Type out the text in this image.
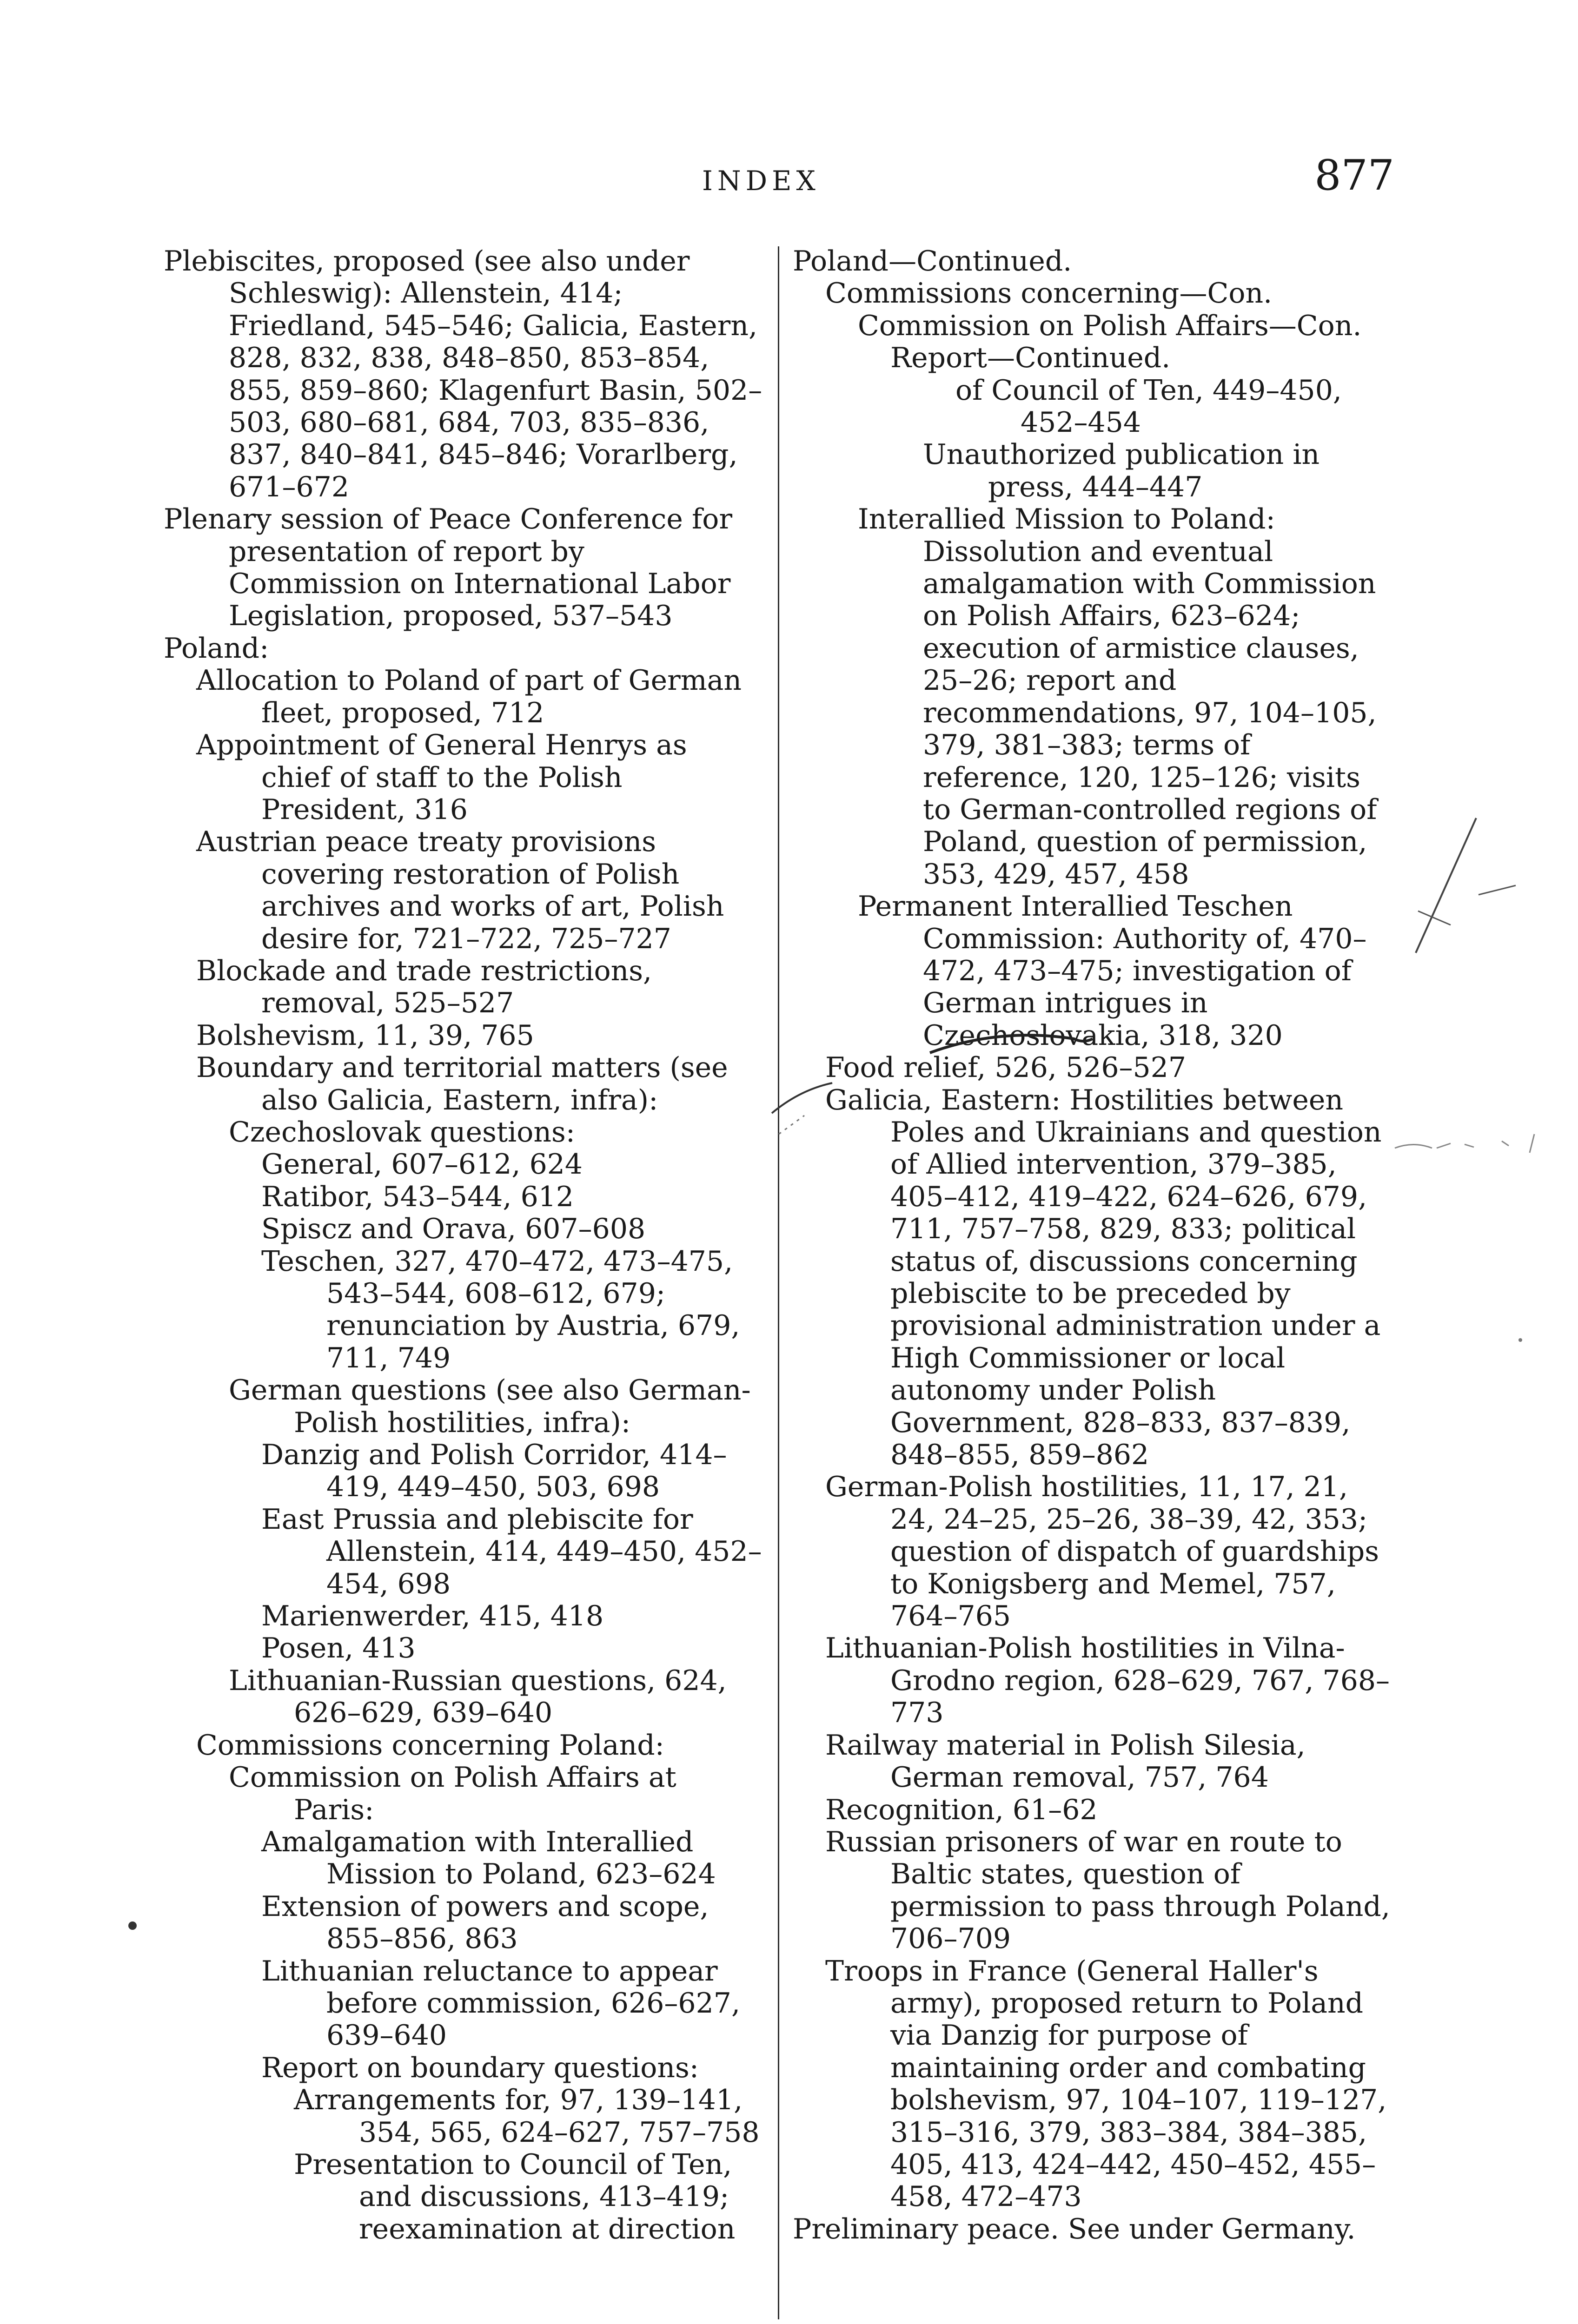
INDEX	877

Plebiscites, proposed (see also under Schleswig): Allenstein, 414; Friedland, 545–546; Galicia, Eastern, 828, 832, 838, 848–850, 853–854, 855, 859–860; Klagenfurt Basin, 502–503, 680–681, 684, 703, 835–836, 837, 840–841, 845–846; Vorarlberg, 671–672

Plenary session of Peace Conference for presentation of report by Commission on International Labor Legislation, proposed, 537–543

Poland:

Allocation to Poland of part of German fleet, proposed, 712

Appointment of General Henrys as chief of staff to the Polish President, 316

Austrian peace treaty provisions covering restoration of Polish archives and works of art, Polish desire for, 721–722, 725–727

Blockade and trade restrictions, removal, 525–527

Bolshevism, 11, 39, 765

Boundary and territorial matters (see also Galicia, Eastern, infra):

Czechoslovak questions:

General, 607–612, 624

Ratibor, 543–544, 612

Spiscz and Orava, 607–608

Teschen, 327, 470–472, 473–475, 543–544, 608–612, 679; renunciation by Austria, 679, 711, 749

German questions (see also German-Polish hostilities, infra):

Danzig and Polish Corridor, 414–419, 449–450, 503, 698

East Prussia and plebiscite for Allenstein, 414, 449–450, 452–454, 698

Marienwerder, 415, 418

Posen, 413

Lithuanian-Russian questions, 624, 626–629, 639–640

Commissions concerning Poland:

Commission on Polish Affairs at Paris:

Amalgamation with Interallied Mission to Poland, 623–624

Extension of powers and scope, 855–856, 863

Lithuanian reluctance to appear before commission, 626–627, 639–640

Report on boundary questions:

Arrangements for, 97, 139–141, 354, 565, 624–627, 757–758

Presentation to Council of Ten, and discussions, 413–419; reexamination at direction

Poland—Continued.

Commissions concerning—Con.

Commission on Polish Affairs—Con.

Report—Continued.

of Council of Ten, 449–450, 452–454

Unauthorized publication in press, 444–447

Interallied Mission to Poland: Dissolution and eventual amalgamation with Commission on Polish Affairs, 623–624; execution of armistice clauses, 25–26; report and recommendations, 97, 104–105, 379, 381–383; terms of reference, 120, 125–126; visits to German-controlled regions of Poland, question of permission, 353, 429, 457, 458

Permanent Interallied Teschen Commission: Authority of, 470–472, 473–475; investigation of German intrigues in Czechoslovakia, 318, 320

Food relief, 526, 526–527

Galicia, Eastern: Hostilities between Poles and Ukrainians and question of Allied intervention, 379–385, 405–412, 419–422, 624–626, 679, 711, 757–758, 829, 833; political status of, discussions concerning plebiscite to be preceded by provisional administration under a High Commissioner or local autonomy under Polish Government, 828–833, 837–839, 848–855, 859–862

German-Polish hostilities, 11, 17, 21, 24, 24–25, 25–26, 38–39, 42, 353; question of dispatch of guardships to Konigsberg and Memel, 757, 764–765

Lithuanian-Polish hostilities in Vilna-Grodno region, 628–629, 767, 768–773

Railway material in Polish Silesia, German removal, 757, 764

Recognition, 61–62

Russian prisoners of war en route to Baltic states, question of permission to pass through Poland, 706–709

Troops in France (General Haller's army), proposed return to Poland via Danzig for purpose of maintaining order and combating bolshevism, 97, 104–107, 119–127, 315–316, 379, 383–384, 384–385, 405, 413, 424–442, 450–452, 455–458, 472–473

Preliminary peace. See under Germany.
